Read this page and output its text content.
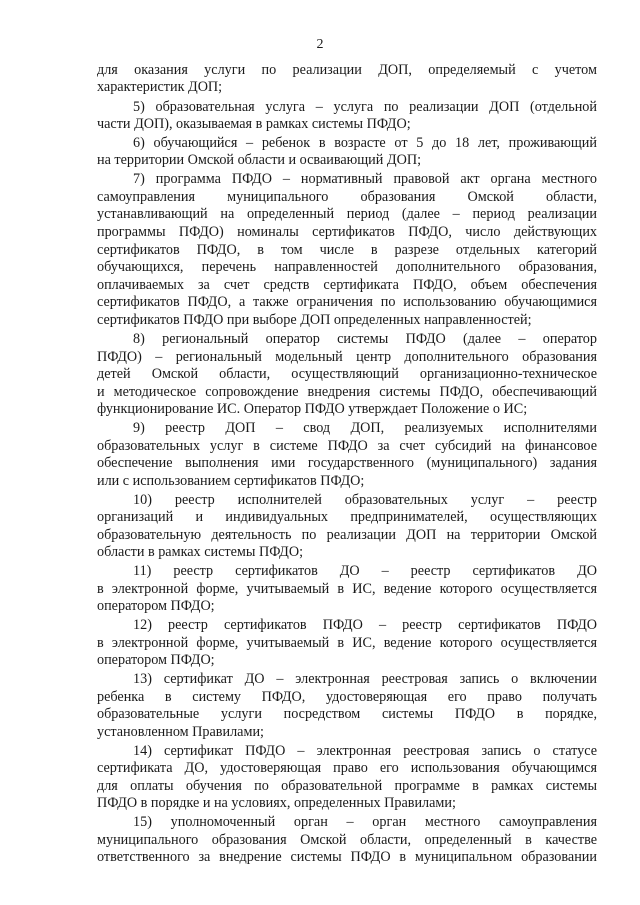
2
для оказания услуги по реализации ДОП, определяемый с учетом
характеристик ДОП;
5) образовательная услуга – услуга по реализации ДОП (отдельной
части ДОП), оказываемая в рамках системы ПФДО;
6) обучающийся – ребенок в возрасте от 5 до 18 лет, проживающий
на территории Омской области и осваивающий ДОП;
7) программа ПФДО – нормативный правовой акт органа местного
самоуправления муниципального образования Омской области,
устанавливающий на определенный период (далее – период реализации
программы ПФДО) номиналы сертификатов ПФДО, число действующих
сертификатов ПФДО, в том числе в разрезе отдельных категорий
обучающихся, перечень направленностей дополнительного образования,
оплачиваемых за счет средств сертификата ПФДО, объем обеспечения
сертификатов ПФДО, а также ограничения по использованию обучающимися
сертификатов ПФДО при выборе ДОП определенных направленностей;
8) региональный оператор системы ПФДО (далее – оператор
ПФДО) – региональный модельный центр дополнительного образования
детей Омской области, осуществляющий организационно-техническое
и методическое сопровождение внедрения системы ПФДО, обеспечивающий
функционирование ИС. Оператор ПФДО утверждает Положение о ИС;
9) реестр ДОП – свод ДОП, реализуемых исполнителями
образовательных услуг в системе ПФДО за счет субсидий на финансовое
обеспечение выполнения ими государственного (муниципального) задания
или с использованием сертификатов ПФДО;
10) реестр исполнителей образовательных услуг – реестр
организаций и индивидуальных предпринимателей, осуществляющих
образовательную деятельность по реализации ДОП на территории Омской
области в рамках системы ПФДО;
11) реестр сертификатов ДО – реестр сертификатов ДО
в электронной форме, учитываемый в ИС, ведение которого осуществляется
оператором ПФДО;
12) реестр сертификатов ПФДО – реестр сертификатов ПФДО
в электронной форме, учитываемый в ИС, ведение которого осуществляется
оператором ПФДО;
13) сертификат ДО – электронная реестровая запись о включении
ребенка в систему ПФДО, удостоверяющая его право получать
образовательные услуги посредством системы ПФДО в порядке,
установленном Правилами;
14) сертификат ПФДО – электронная реестровая запись о статусе
сертификата ДО, удостоверяющая право его использования обучающимся
для оплаты обучения по образовательной программе в рамках системы
ПФДО в порядке и на условиях, определенных Правилами;
15) уполномоченный орган – орган местного самоуправления
муниципального образования Омской области, определенный в качестве
ответственного за внедрение системы ПФДО в муниципальном образовании
